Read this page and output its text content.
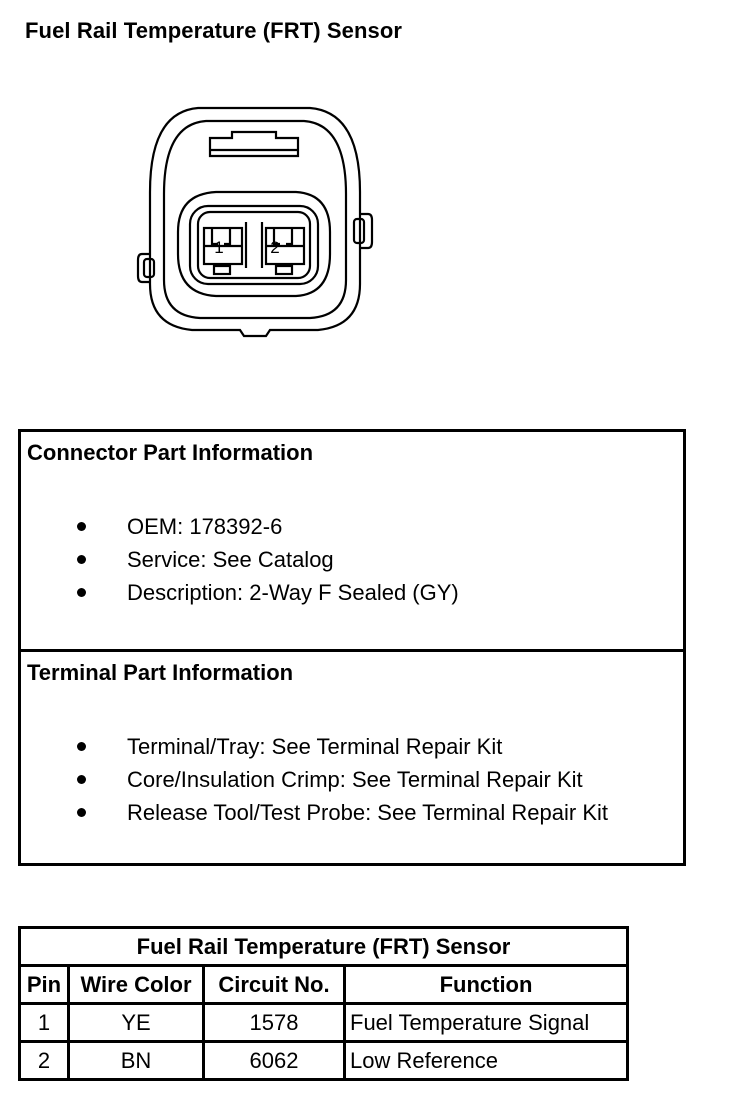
Fuel Rail Temperature (FRT) Sensor
1	2
Connector Part Information
OEM: 178392-6
Service: See Catalog
Description: 2-Way F Sealed (GY)
Terminal Part Information
Terminal/Tray: See Terminal Repair Kit
Core/Insulation Crimp: See Terminal Repair Kit
Release Tool/Test Probe: See Terminal Repair Kit
Fuel Rail Temperature (FRT) Sensor			
Pin	Wire Color	Circuit No.	Function
1	YE	1578	Fuel Temperature Signal
2	BN	6062	Low Reference
